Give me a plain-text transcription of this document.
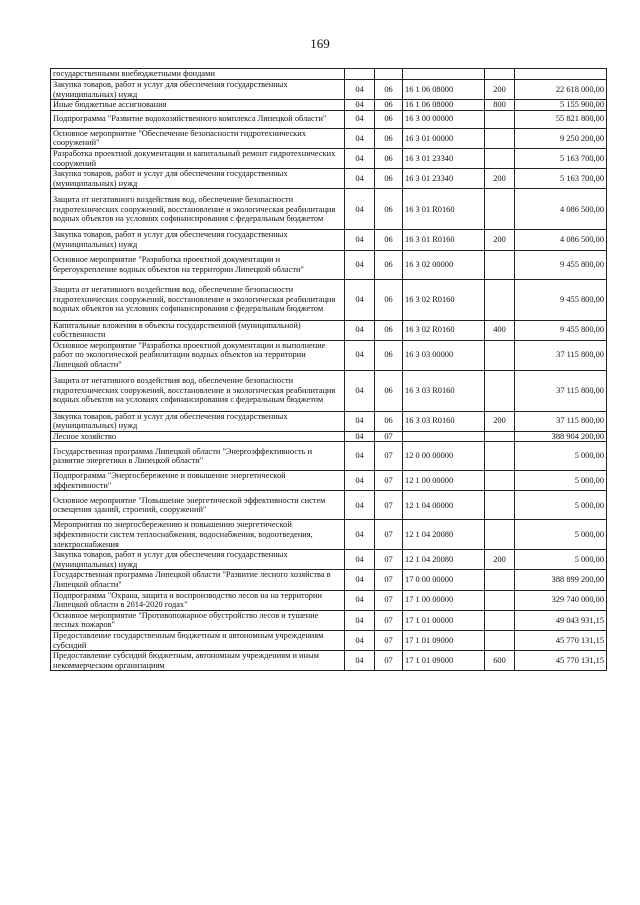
169
государственными внебюджетными фондами					
Закупка товаров, работ и услуг для обеспечения государственных (муниципальных) нужд	04	06	16 1 06 08000	200	22 618 000,00
Иные бюджетные ассигнования	04	06	16 1 06 08000	800	5 155 900,00
Подпрограмма "Развитие водохозяйственного комплекса Липецкой области"	04	06	16 3 00 00000		55 821 800,00
Основное мероприятие "Обеспечение безопасности гидротехнических сооружений"	04	06	16 3 01 00000		9 250 200,00
Разработка проектной документации и капитальный ремонт гидротехнических сооружений	04	06	16 3 01 23340		5 163 700,00
Закупка товаров, работ и услуг для обеспечения государственных (муниципальных) нужд	04	06	16 3 01 23340	200	5 163 700,00
Защита от негативного воздействия вод, обеспечение безопасности гидротехнических сооружений, восстановление и экологическая реабилитация водных объектов на условиях софинансирования с федеральным бюджетом	04	06	16 3 01 R0160		4 086 500,00
Закупка товаров, работ и услуг для обеспечения государственных (муниципальных) нужд	04	06	16 3 01 R0160	200	4 086 500,00
Основное мероприятие "Разработка проектной документации и берегоукрепление водных объектов на территории Липецкой области"	04	06	16 3 02 00000		9 455 800,00
Защита от негативного воздействия вод, обеспечение безопасности гидротехнических сооружений, восстановление и экологическая реабилитация водных объектов на условиях софинансирования с федеральным бюджетом	04	06	16 3 02 R0160		9 455 800,00
Капитальные вложения в объекты государственной (муниципальной) собственности	04	06	16 3 02 R0160	400	9 455 800,00
Основное мероприятие "Разработка проектной документации и выполнение работ по экологической реабилитации водных объектов на территории Липецкой области"	04	06	16 3 03 00000		37 115 800,00
Защита от негативного воздействия вод, обеспечение безопасности гидротехнических сооружений, восстановление и экологическая реабилитация водных объектов на условиях софинансирования с федеральным бюджетом	04	06	16 3 03 R0160		37 115 800,00
Закупка товаров, работ и услуг для обеспечения государственных (муниципальных) нужд	04	06	16 3 03 R0160	200	37 115 800,00
Лесное хозяйство	04	07			388 904 200,00
Государственная программа Липецкой области "Энергоэффективность и развитие энергетики в Липецкой области"	04	07	12 0 00 00000		5 000,00
Подпрограмма "Энергосбережение и повышение энергетической эффективности"	04	07	12 1 00 00000		5 000,00
Основное мероприятие "Повышение энергетической эффективности систем освещения зданий, строений, сооружений"	04	07	12 1 04 00000		5 000,00
Мероприятия по энергосбережению и повышению энергетической эффективности систем теплоснабжения, водоснабжения, водоотведения, электроснабжения	04	07	12 1 04 20080		5 000,00
Закупка товаров, работ и услуг для обеспечения государственных (муниципальных) нужд	04	07	12 1 04 20080	200	5 000,00
Государственная программа Липецкой области "Развитие лесного хозяйства в Липецкой области"	04	07	17 0 00 00000		388 899 200,00
Подпрограмма "Охрана, защита и воспроизводство лесов на на территории Липецкой области в 2014-2020 годах"	04	07	17 1 00 00000		329 740 000,00
Основное мероприятие "Противопожарное обустройство лесов и тушение лесных пожаров"	04	07	17 1 01 00000		49 043 931,15
Предоставление государственным бюджетным и автономным учреждениям субсидий	04	07	17 1 01 09000		45 770 131,15
Предоставление субсидий бюджетным, автономным учреждениям и иным некоммерческим организациям	04	07	17 1 01 09000	600	45 770 131,15
